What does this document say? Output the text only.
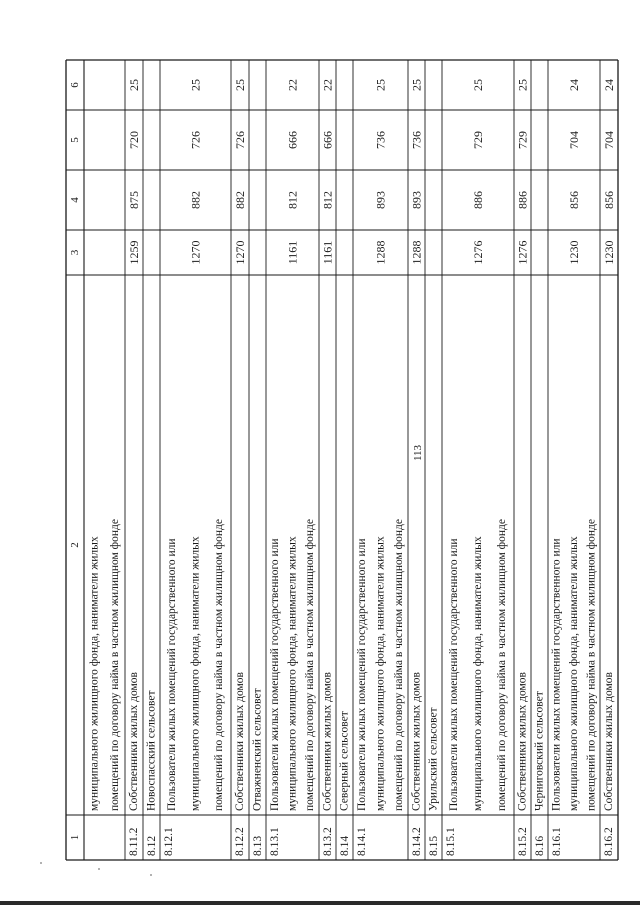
113
1
2
3
4
5
6
муниципального жилищного фонда, наниматели жилых помещений по договору найма в частном жилищном фонде
8.11.2
Собственники жилых домов
1259
875
720
25
8.12
Новоспасский сельсовет
8.12.1
Пользователи жилых помещений государственного или муниципального жилищного фонда, наниматели жилых помещений по договору найма в частном жилищном фонде
1270
882
726
25
8.12.2
Собственники жилых домов
1270
882
726
25
8.13
Отважненский сельсовет
8.13.1
Пользователи жилых помещений государственного или муниципального жилищного фонда, наниматели жилых помещений по договору найма в частном жилищном фонде
1161
812
666
22
8.13.2
Собственники жилых домов
1161
812
666
22
8.14
Северный сельсовет
8.14.1
Пользователи жилых помещений государственного или муниципального жилищного фонда, наниматели жилых помещений по договору найма в частном жилищном фонде
1288
893
736
25
8.14.2
Собственники жилых домов
1288
893
736
25
8.15
Урильский сельсовет
8.15.1
Пользователи жилых помещений государственного или муниципального жилищного фонда, наниматели жилых помещений по договору найма в частном жилищном фонде
1276
886
729
25
8.15.2
Собственники жилых домов
1276
886
729
25
8.16
Черниговский сельсовет
8.16.1
Пользователи жилых помещений государственного или муниципального жилищного фонда, наниматели жилых помещений по договору найма в частном жилищном фонде
1230
856
704
24
8.16.2
Собственники жилых домов
1230
856
704
24
